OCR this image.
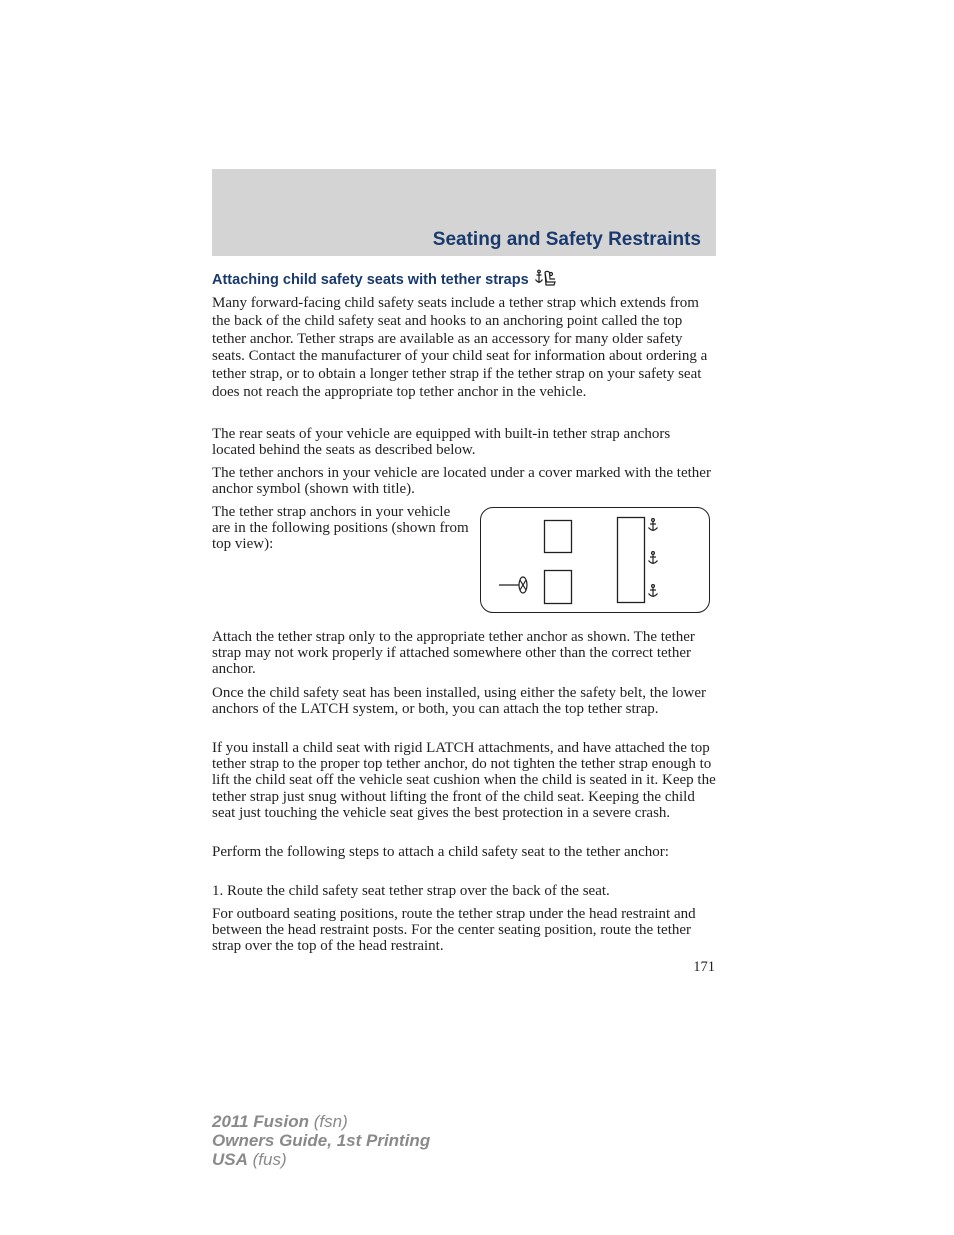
Seating and Safety Restraints
Attaching child safety seats with tether straps

Many forward-facing child safety seats include a tether strap which extends from the back of the child safety seat and hooks to an anchoring point called the top tether anchor. Tether straps are available as an accessory for many older safety seats. Contact the manufacturer of your child seat for information about ordering a tether strap, or to obtain a longer tether strap if the tether strap on your safety seat does not reach the appropriate top tether anchor in the vehicle.

The rear seats of your vehicle are equipped with built-in tether strap anchors located behind the seats as described below.

The tether anchors in your vehicle are located under a cover marked with the tether anchor symbol (shown with title).

The tether strap anchors in your vehicle are in the following positions (shown from top view):

Attach the tether strap only to the appropriate tether anchor as shown. The tether strap may not work properly if attached somewhere other than the correct tether anchor.

Once the child safety seat has been installed, using either the safety belt, the lower anchors of the LATCH system, or both, you can attach the top tether strap.

If you install a child seat with rigid LATCH attachments, and have attached the top tether strap to the proper top tether anchor, do not tighten the tether strap enough to lift the child seat off the vehicle seat cushion when the child is seated in it. Keep the tether strap just snug without lifting the front of the child seat. Keeping the child seat just touching the vehicle seat gives the best protection in a severe crash.

Perform the following steps to attach a child safety seat to the tether anchor:

1. Route the child safety seat tether strap over the back of the seat.

For outboard seating positions, route the tether strap under the head restraint and between the head restraint posts. For the center seating position, route the tether strap over the top of the head restraint.

171
2011 Fusion (fsn)
Owners Guide, 1st Printing
USA (fus)
